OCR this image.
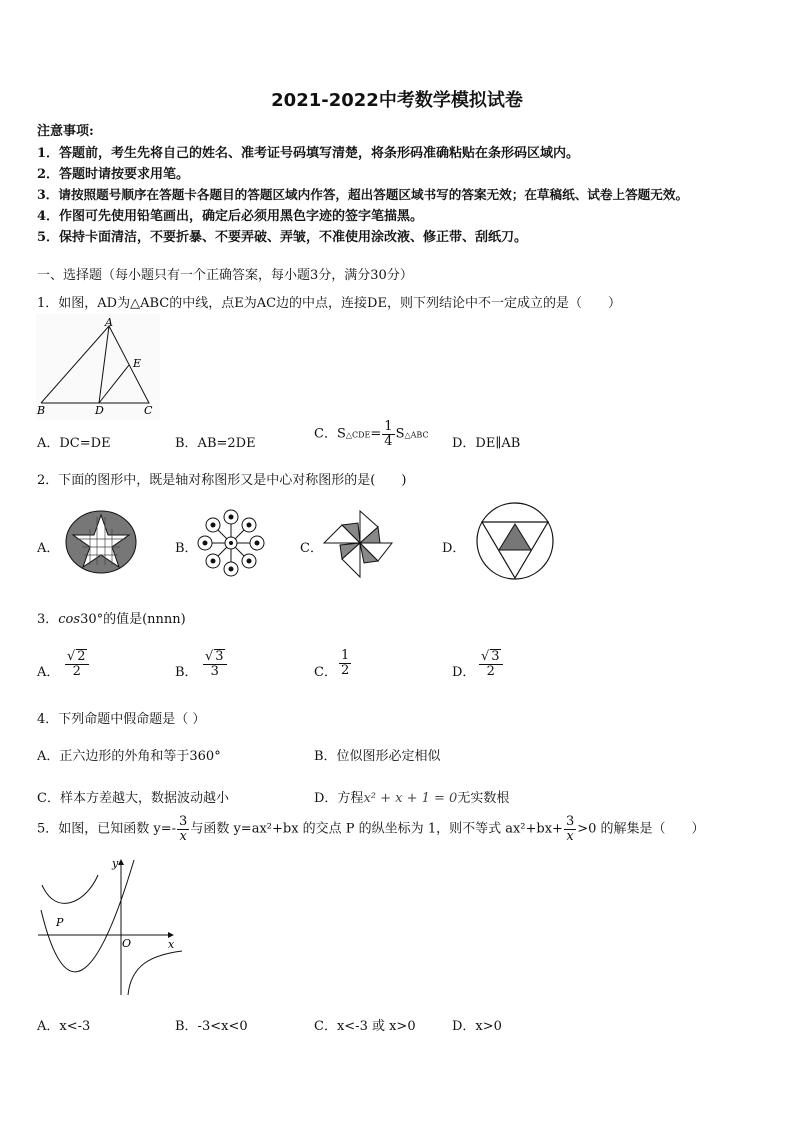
2021-2022中考数学模拟试卷
注意事项:
1．答题前，考生先将自己的姓名、准考证号码填写清楚，将条形码准确粘贴在条形码区域内。
2．答题时请按要求用笔。
3．请按照题号顺序在答题卡各题目的答题区域内作答，超出答题区域书写的答案无效；在草稿纸、试卷上答题无效。
4．作图可先使用铅笔画出，确定后必须用黑色字迹的签字笔描黑。
5．保持卡面清洁，不要折暴、不要弄破、弄皱，不准使用涂改液、修正带、刮纸刀。
一、选择题（每小题只有一个正确答案，每小题3分，满分30分）
1．如图，AD为△ABC的中线，点E为AC边的中点，连接DE，则下列结论中不一定成立的是（　　）
A
B	C
D
E
A．DC=DE	B．AB=2DE
C．S△CDE= $\frac{1}{4}$ S△ABC
D．DE∥AB
2．下面的图形中，既是轴对称图形又是中心对称图形的是(　　)
A．	B．	C．	D．
3．cos30°的值是(nnnn)
A． $\frac{√ 2}{2}$	B． $\frac{√ 3}{3}$	C． $\frac{1}{2}$	D． $\frac{√ 3}{2}$
4．下列命题中假命题是（ ）
A．正六边形的外角和等于360°	B．位似图形必定相似
C．样本方差越大，数据波动越小	D．方程x² + x + 1 = 0无实数根
5．如图，已知函数 $y=- \frac{3}{x}$ 与函数 y=ax²+bx 的交点 P 的纵坐标为 1，则不等式 $ax^2+bx+ \frac{3}{x} >0$ 的解集是（　　）
y
x
O
P
A．x<-3	B．-3<x<0	C．x<-3 或 x>0	D．x>0
